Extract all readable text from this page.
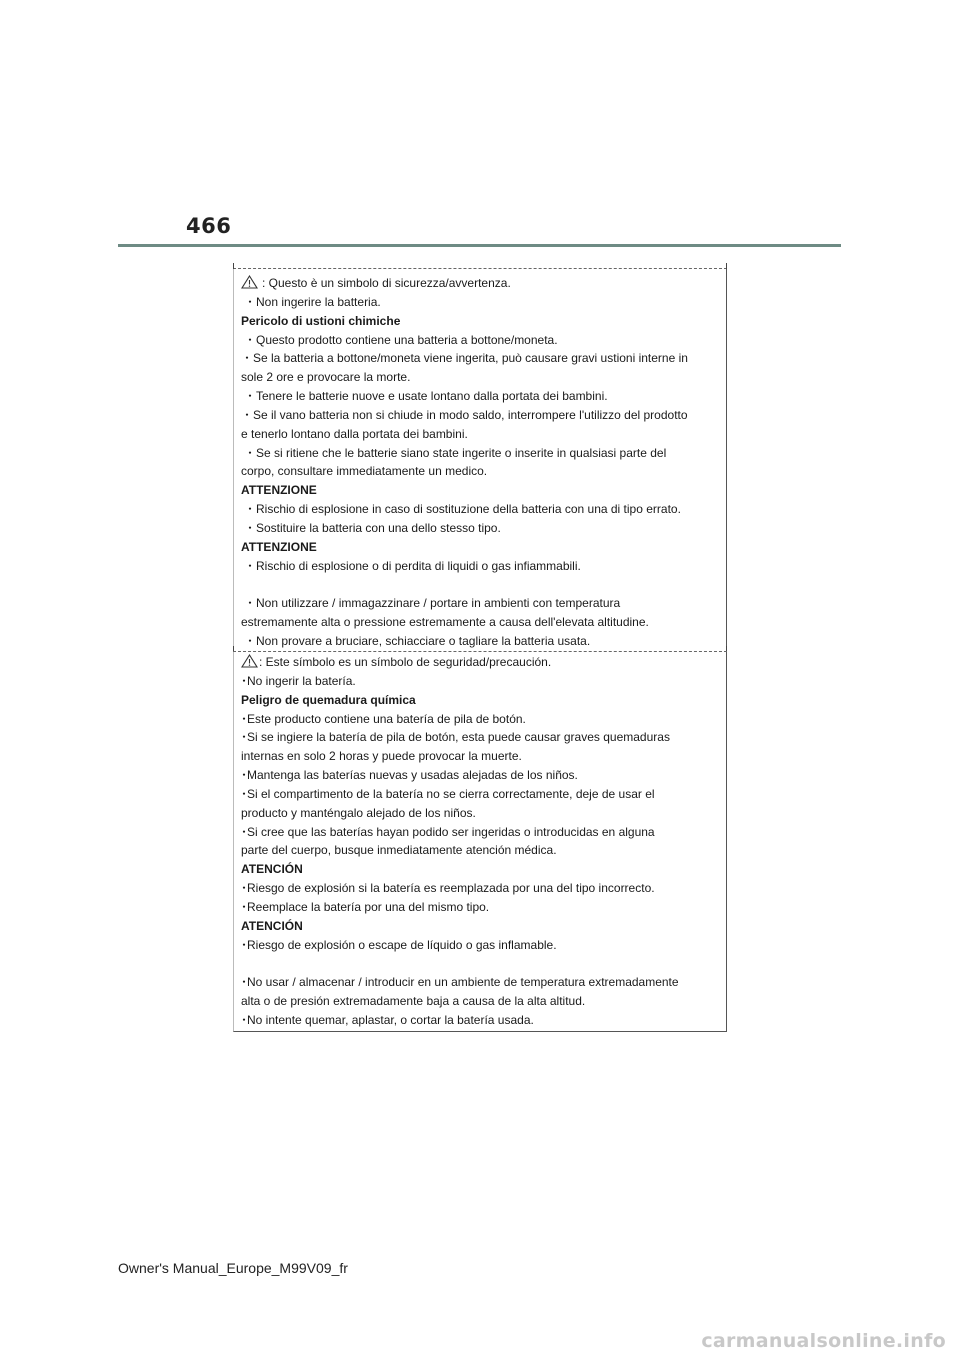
466
: Questo è un simbolo di sicurezza/avvertenza.
・Non ingerire la batteria.
Pericolo di ustioni chimiche
・Questo prodotto contiene una batteria a bottone/moneta.
・Se la batteria a bottone/moneta viene ingerita, può causare gravi ustioni interne in
sole 2 ore e provocare la morte.
・Tenere le batterie nuove e usate lontano dalla portata dei bambini.
・Se il vano batteria non si chiude in modo saldo, interrompere l'utilizzo del prodotto
e tenerlo lontano dalla portata dei bambini.
・Se si ritiene che le batterie siano state ingerite o inserite in qualsiasi parte del
corpo, consultare immediatamente un medico.
ATTENZIONE
・Rischio di esplosione in caso di sostituzione della batteria con una di tipo errato.
・Sostituire la batteria con una dello stesso tipo.
ATTENZIONE
・Rischio di esplosione o di perdita di liquidi o gas infiammabili.
・Non utilizzare / immagazzinare / portare in ambienti con temperatura
estremamente alta o pressione estremamente a causa dell'elevata altitudine.
・Non provare a bruciare, schiacciare o tagliare la batteria usata.
: Este símbolo es un símbolo de seguridad/precaución.
･No ingerir la batería.
Peligro de quemadura química
･Este producto contiene una batería de pila de botón.
･Si se ingiere la batería de pila de botón, esta puede causar graves quemaduras
internas en solo 2 horas y puede provocar la muerte.
･Mantenga las baterías nuevas y usadas alejadas de los niños.
･Si el compartimento de la batería no se cierra correctamente, deje de usar el
producto y manténgalo alejado de los niños.
･Si cree que las baterías hayan podido ser ingeridas o introducidas en alguna
parte del cuerpo, busque inmediatamente atención médica.
ATENCIÓN
･Riesgo de explosión si la batería es reemplazada por una del tipo incorrecto.
･Reemplace la batería por una del mismo tipo.
ATENCIÓN
･Riesgo de explosión o escape de líquido o gas inflamable.
･No usar / almacenar / introducir en un ambiente de temperatura extremadamente
alta o de presión extremadamente baja a causa de la alta altitud.
･No intente quemar, aplastar, o cortar la batería usada.
Owner's Manual_Europe_M99V09_fr
carmanualsonline.info
